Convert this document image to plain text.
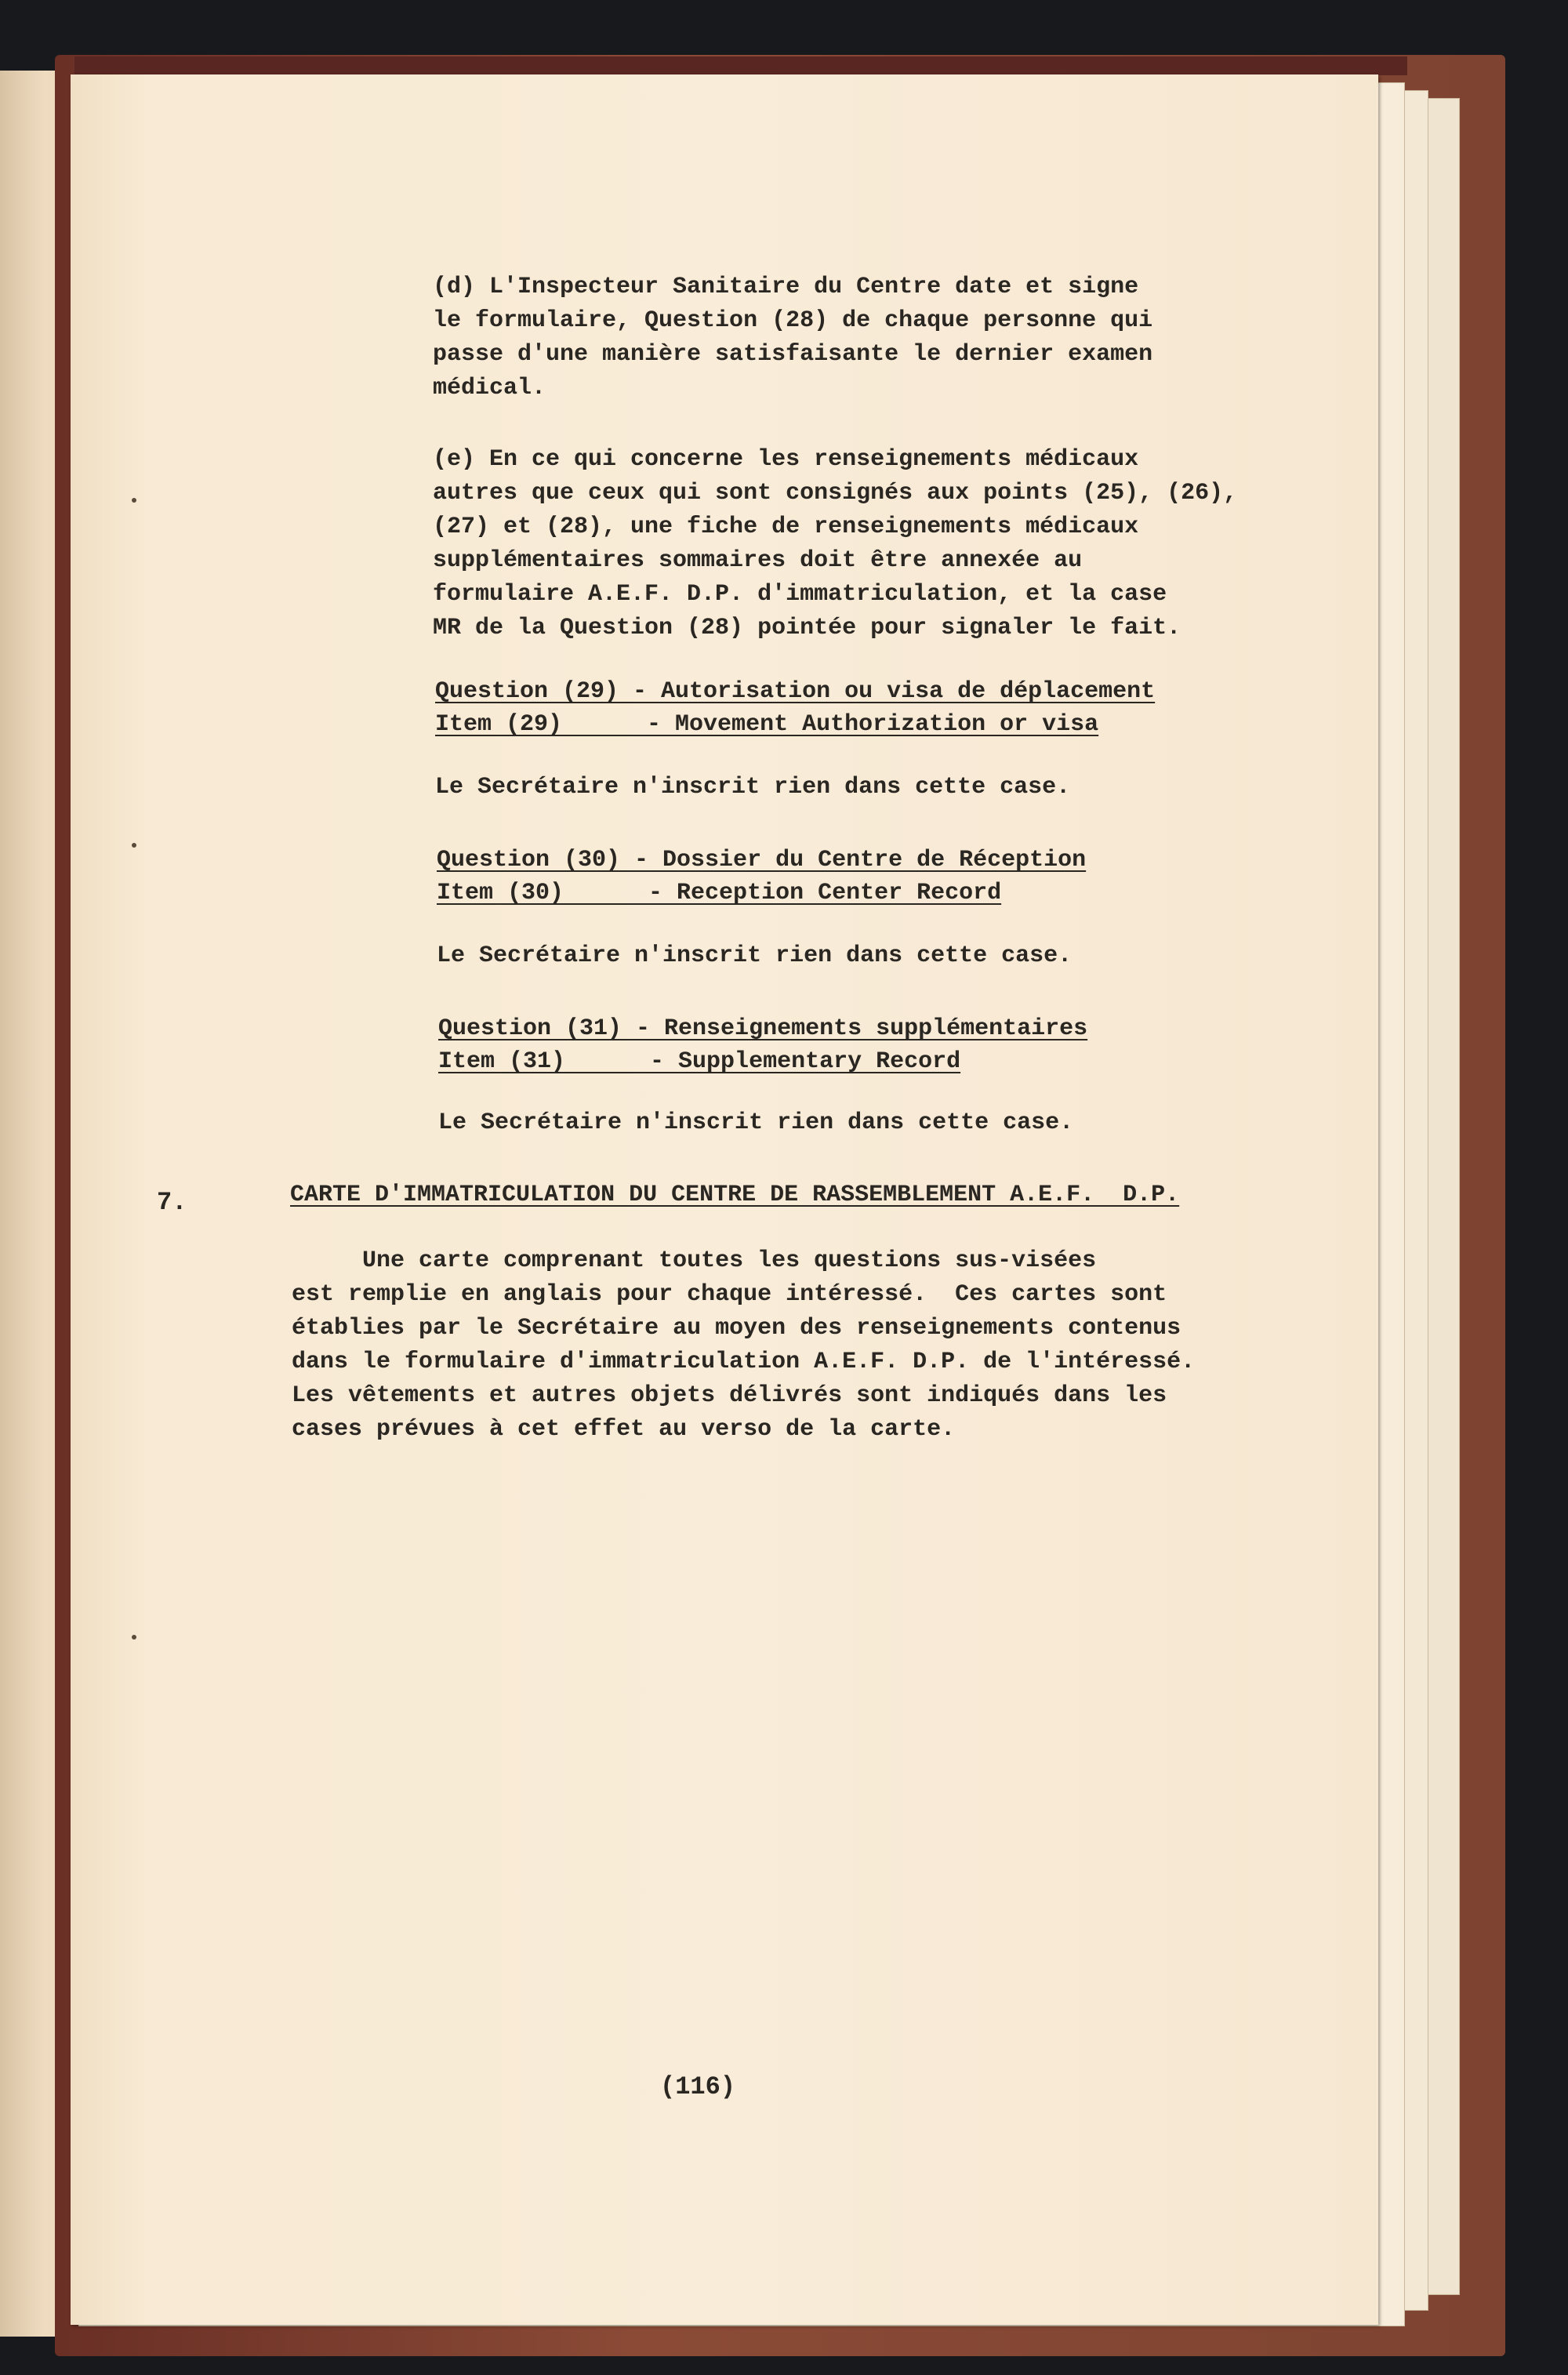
(d) L'Inspecteur Sanitaire du Centre date et signe
le formulaire, Question (28) de chaque personne qui
passe d'une manière satisfaisante le dernier examen
médical.
(e) En ce qui concerne les renseignements médicaux
autres que ceux qui sont consignés aux points (25), (26),
(27) et (28), une fiche de renseignements médicaux
supplémentaires sommaires doit être annexée au
formulaire A.E.F. D.P. d'immatriculation, et la case
MR de la Question (28) pointée pour signaler le fait.
Question (29) - Autorisation ou visa de déplacement
Item (29)      - Movement Authorization or visa
Le Secrétaire n'inscrit rien dans cette case.
Question (30) - Dossier du Centre de Réception
Item (30)      - Reception Center Record
Le Secrétaire n'inscrit rien dans cette case.
Question (31) - Renseignements supplémentaires
Item (31)      - Supplementary Record
Le Secrétaire n'inscrit rien dans cette case.
7.	CARTE D'IMMATRICULATION DU CENTRE DE RASSEMBLEMENT A.E.F.  D.P.
Une carte comprenant toutes les questions sus-visées
est remplie en anglais pour chaque intéressé.  Ces cartes sont
établies par le Secrétaire au moyen des renseignements contenus
dans le formulaire d'immatriculation A.E.F. D.P. de l'intéressé.
Les vêtements et autres objets délivrés sont indiqués dans les
cases prévues à cet effet au verso de la carte.
(116)
